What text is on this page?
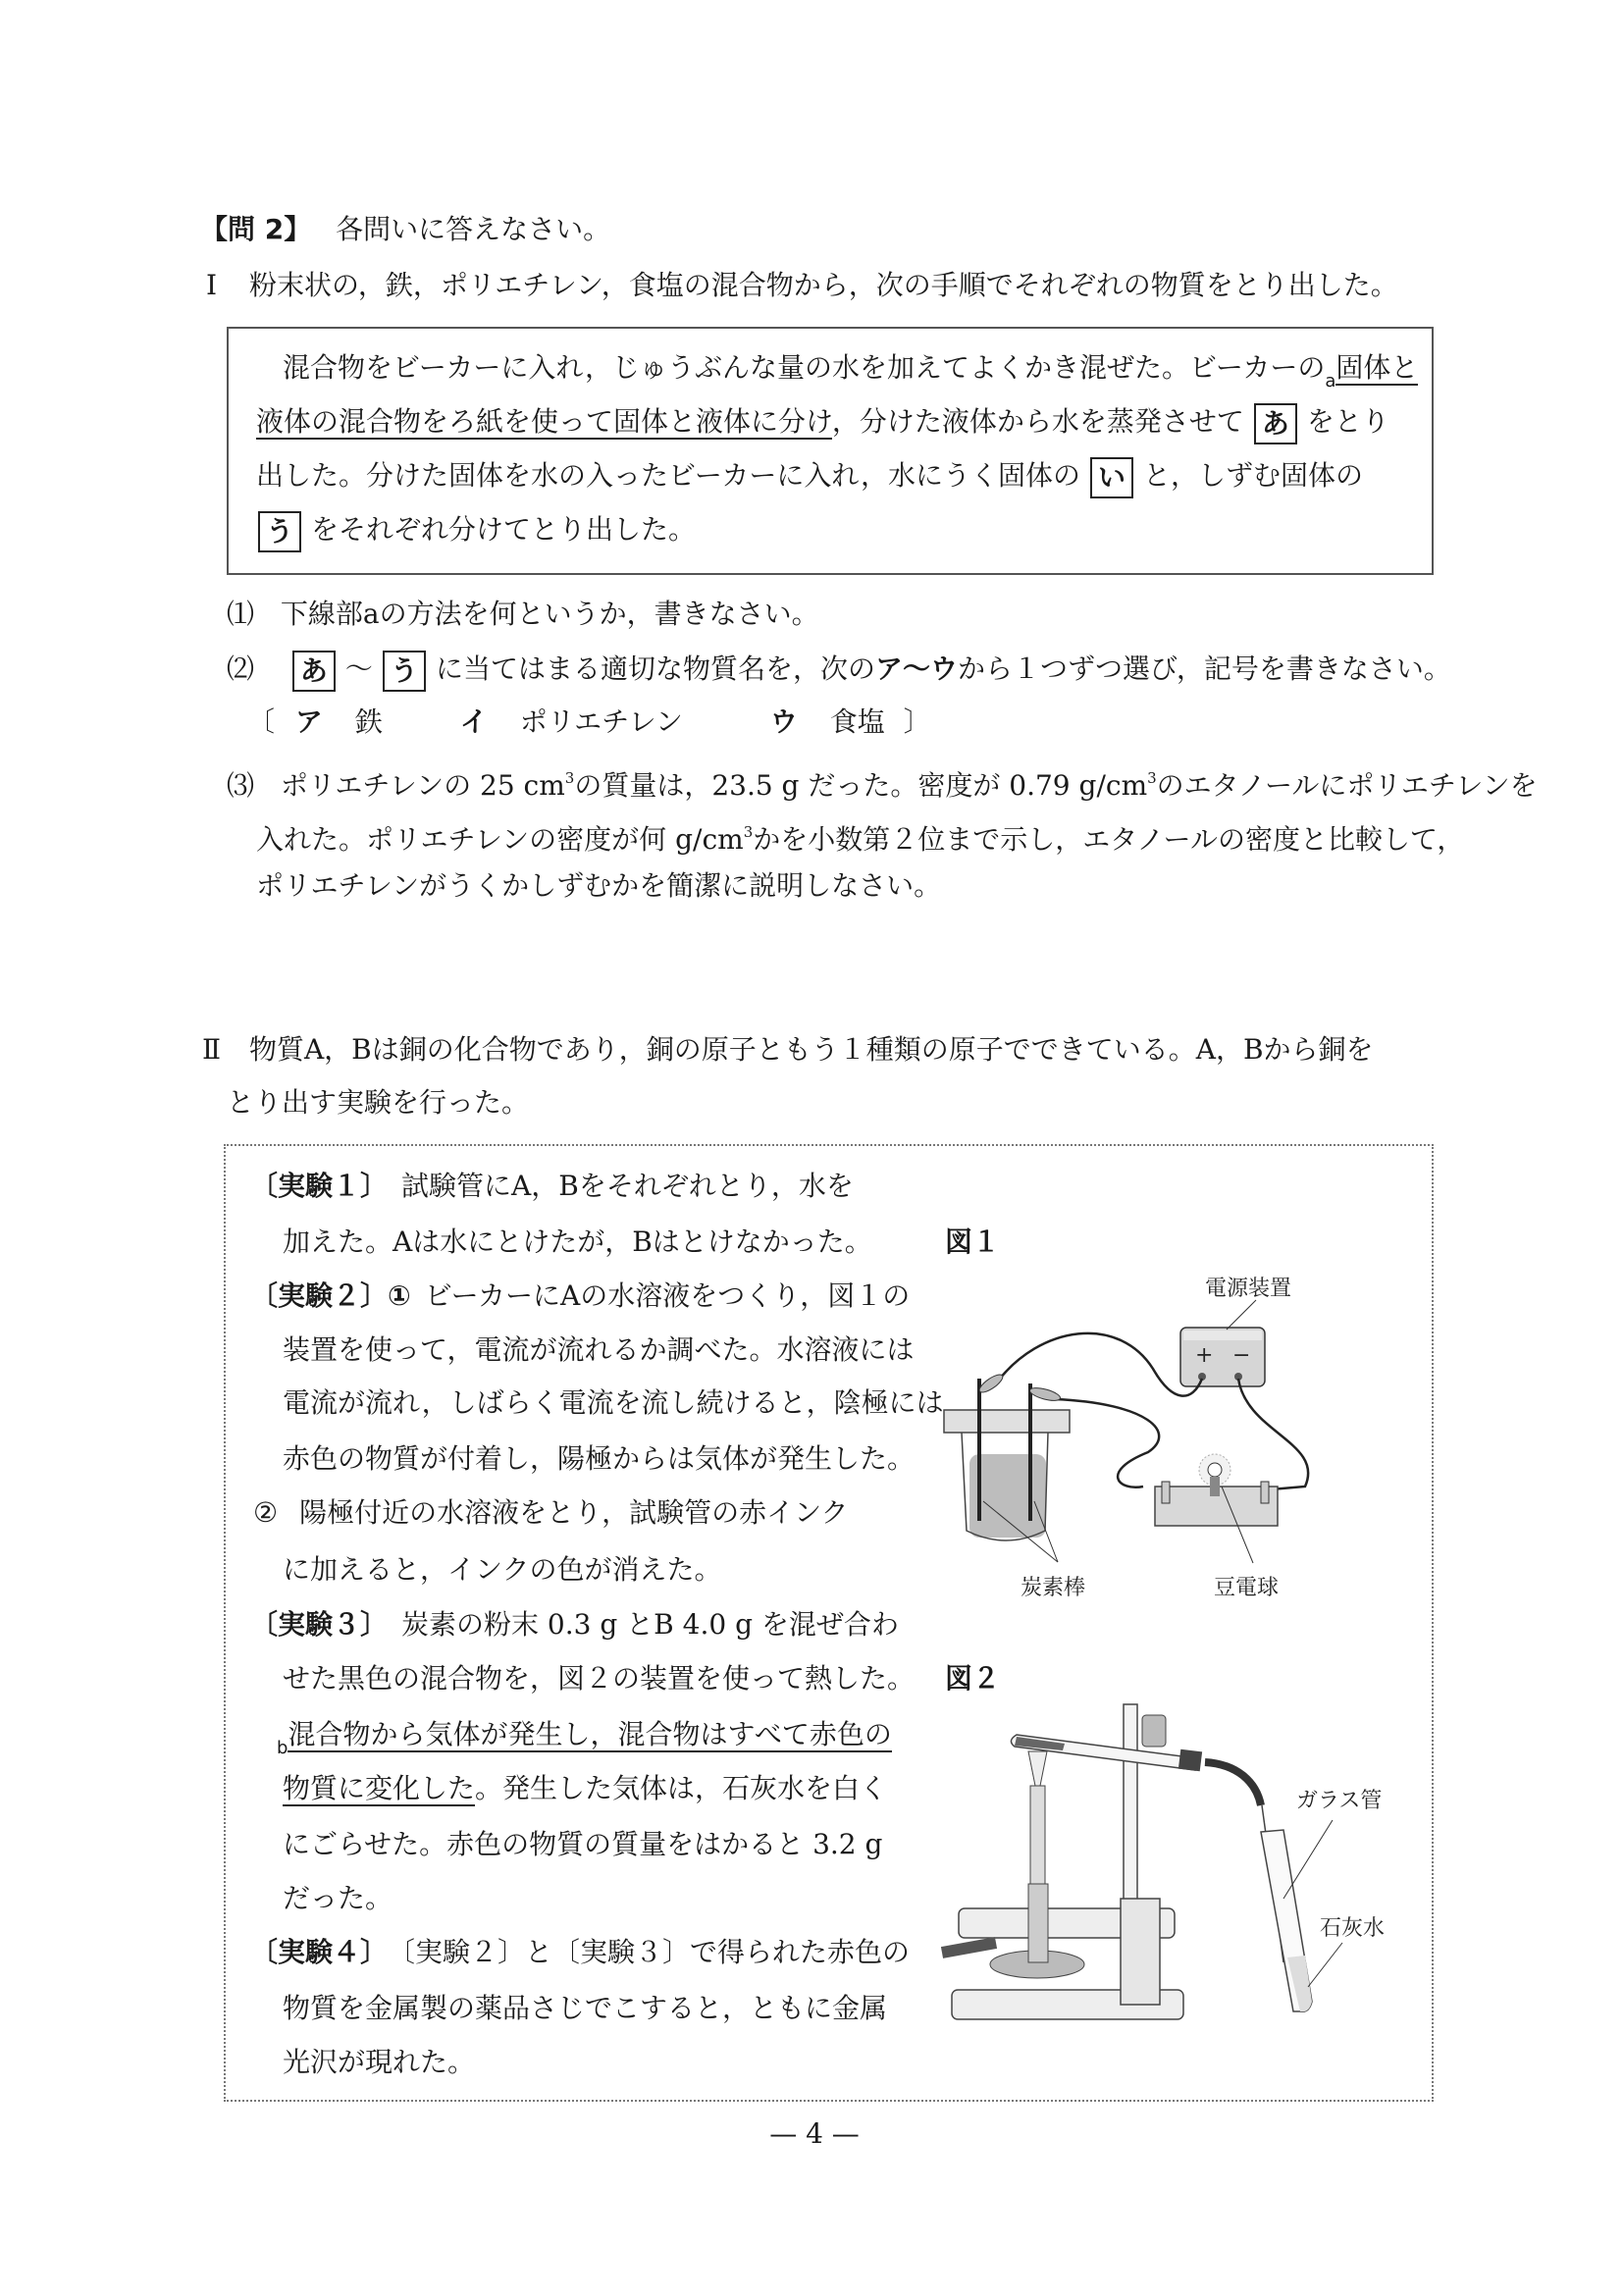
【問 2】 各問いに答えなさい。
Ⅰ 粉末状の，鉄，ポリエチレン，食塩の混合物から，次の手順でそれぞれの物質をとり出した。
混合物をビーカーに入れ，じゅうぶんな量の水を加えてよくかき混ぜた。ビーカーの$_a$固体と
液体の混合物をろ紙を使って固体と液体に分け，分けた液体から水を蒸発させて あ をとり
出した。分けた固体を水の入ったビーカーに入れ，水にうく固体の い と，しずむ固体の
う をそれぞれ分けてとり出した。
⑴ 下線部aの方法を何というか，書きなさい。
⑵ あ 〜 う に当てはまる適切な物質名を，次のア〜ウから１つずつ選び，記号を書きなさい。
〔 ア 鉄	イ ポリエチレン	ウ 食塩 〕
⑶ ポリエチレンの 25 $cm^3$の質量は，23.5 g だった。密度が 0.79 $g/cm^3$のエタノールにポリエチレンを
入れた。ポリエチレンの密度が何 $g/cm^3$かを小数第２位まで示し，エタノールの密度と比較して，
ポリエチレンがうくかしずむかを簡潔に説明しなさい。
Ⅱ 物質A，Bは銅の化合物であり，銅の原子ともう１種類の原子でできている。A，Bから銅を
とり出す実験を行った。
〔実験１〕 試験管にA，Bをそれぞれとり，水を
加えた。Aは水にとけたが，Bはとけなかった。
〔実験２〕① ビーカーにAの水溶液をつくり，図１の
装置を使って，電流が流れるか調べた。水溶液には
電流が流れ，しばらく電流を流し続けると，陰極には
赤色の物質が付着し，陽極からは気体が発生した。
② 陽極付近の水溶液をとり，試験管の赤インク
に加えると，インクの色が消えた。
〔実験３〕 炭素の粉末 0.3 g とB 4.0 g を混ぜ合わ
せた黒色の混合物を，図２の装置を使って熱した。
$_b$混合物から気体が発生し，混合物はすべて赤色の
物質に変化した。発生した気体は，石灰水を白く
にごらせた。赤色の物質の質量をはかると 3.2 g
だった。
〔実験４〕 〔実験２〕と〔実験３〕で得られた赤色の
物質を金属製の薬品さじでこすると，ともに金属
光沢が現れた。
図１
+ −
電源装置
炭素棒	豆電球
図２
ガラス管
石灰水
— 4 —
